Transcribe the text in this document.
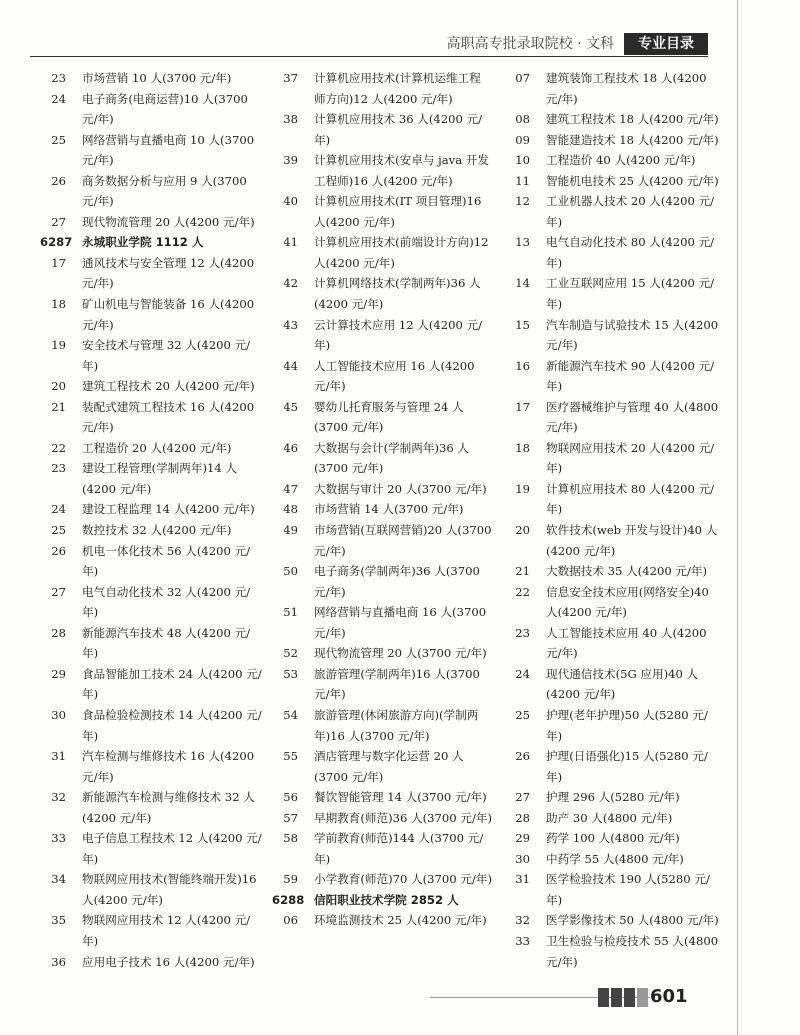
高职高专批录取院校 · 文科	专业目录
23 市场营销 10 人(3700 元/年)
24 电子商务(电商运营)10 人(3700 元/年)
25 网络营销与直播电商 10 人(3700 元/年)
26 商务数据分析与应用 9 人(3700 元/年)
27 现代物流管理 20 人(4200 元/年)
6287 永城职业学院 1112 人
17 通风技术与安全管理 12 人(4200 元/年)
18 矿山机电与智能装备 16 人(4200 元/年)
19 安全技术与管理 32 人(4200 元/年)
20 建筑工程技术 20 人(4200 元/年)
21 装配式建筑工程技术 16 人(4200 元/年)
22 工程造价 20 人(4200 元/年)
23 建设工程管理(学制两年)14 人(4200 元/年)
24 建设工程监理 14 人(4200 元/年)
25 数控技术 32 人(4200 元/年)
26 机电一体化技术 56 人(4200 元/年)
27 电气自动化技术 32 人(4200 元/年)
28 新能源汽车技术 48 人(4200 元/年)
29 食品智能加工技术 24 人(4200 元/年)
30 食品检验检测技术 14 人(4200 元/年)
31 汽车检测与维修技术 16 人(4200 元/年)
32 新能源汽车检测与维修技术 32 人(4200 元/年)
33 电子信息工程技术 12 人(4200 元/年)
34 物联网应用技术(智能终端开发)16 人(4200 元/年)
35 物联网应用技术 12 人(4200 元/年)
36 应用电子技术 16 人(4200 元/年)
37 计算机应用技术(计算机运维工程师方向)12 人(4200 元/年)
38 计算机应用技术 36 人(4200 元/年)
39 计算机应用技术(安卓与 java 开发工程师)16 人(4200 元/年)
40 计算机应用技术(IT 项目管理)16 人(4200 元/年)
41 计算机应用技术(前端设计方向)12 人(4200 元/年)
42 计算机网络技术(学制两年)36 人(4200 元/年)
43 云计算技术应用 12 人(4200 元/年)
44 人工智能技术应用 16 人(4200 元/年)
45 婴幼儿托育服务与管理 24 人(3700 元/年)
46 大数据与会计(学制两年)36 人(3700 元/年)
47 大数据与审计 20 人(3700 元/年)
48 市场营销 14 人(3700 元/年)
49 市场营销(互联网营销)20 人(3700 元/年)
50 电子商务(学制两年)36 人(3700 元/年)
51 网络营销与直播电商 16 人(3700 元/年)
52 现代物流管理 20 人(3700 元/年)
53 旅游管理(学制两年)16 人(3700 元/年)
54 旅游管理(休闲旅游方向)(学制两年)16 人(3700 元/年)
55 酒店管理与数字化运营 20 人(3700 元/年)
56 餐饮智能管理 14 人(3700 元/年)
57 早期教育(师范)36 人(3700 元/年)
58 学前教育(师范)144 人(3700 元/年)
59 小学教育(师范)70 人(3700 元/年)
6288 信阳职业技术学院 2852 人
06 环境监测技术 25 人(4200 元/年)
07 建筑装饰工程技术 18 人(4200 元/年)
08 建筑工程技术 18 人(4200 元/年)
09 智能建造技术 18 人(4200 元/年)
10 工程造价 40 人(4200 元/年)
11 智能机电技术 25 人(4200 元/年)
12 工业机器人技术 20 人(4200 元/年)
13 电气自动化技术 80 人(4200 元/年)
14 工业互联网应用 15 人(4200 元/年)
15 汽车制造与试验技术 15 人(4200 元/年)
16 新能源汽车技术 90 人(4200 元/年)
17 医疗器械维护与管理 40 人(4800 元/年)
18 物联网应用技术 20 人(4200 元/年)
19 计算机应用技术 80 人(4200 元/年)
20 软件技术(web 开发与设计)40 人(4200 元/年)
21 大数据技术 35 人(4200 元/年)
22 信息安全技术应用(网络安全)40 人(4200 元/年)
23 人工智能技术应用 40 人(4200 元/年)
24 现代通信技术(5G 应用)40 人(4200 元/年)
25 护理(老年护理)50 人(5280 元/年)
26 护理(日语强化)15 人(5280 元/年)
27 护理 296 人(5280 元/年)
28 助产 30 人(4800 元/年)
29 药学 100 人(4800 元/年)
30 中药学 55 人(4800 元/年)
31 医学检验技术 190 人(5280 元/年)
32 医学影像技术 50 人(4800 元/年)
33 卫生检验与检疫技术 55 人(4800 元/年)
601
